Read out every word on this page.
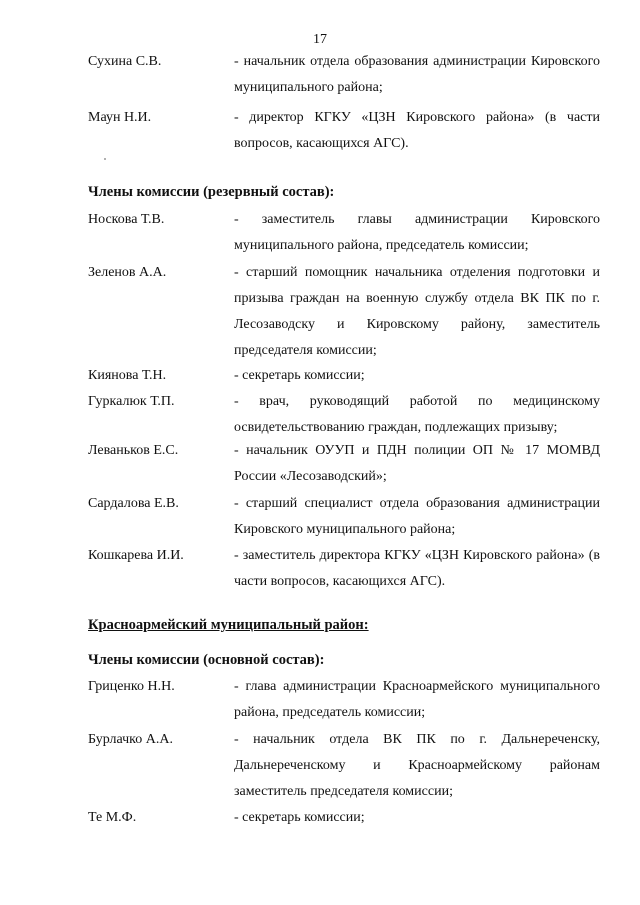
17
Сухина С.В.	- начальник отдела образования администрации Кировского муниципального района;
Маун Н.И.	- директор КГКУ «ЦЗН Кировского района» (в части вопросов, касающихся АГС).
Члены комиссии (резервный состав):
Носкова Т.В.	- заместитель главы администрации Кировского муниципального района, председатель комиссии;
Зеленов А.А.	- старший помощник начальника отделения подготовки и призыва граждан на военную службу отдела ВК ПК по г. Лесозаводску и Кировскому району, заместитель председателя комиссии;
Киянова Т.Н.	- секретарь комиссии;
Гуркалюк Т.П.	- врач, руководящий работой по медицинскому освидетельствованию граждан, подлежащих призыву;
Леваньков Е.С.	- начальник ОУУП и ПДН полиции ОП № 17 МОМВД России «Лесозаводский»;
Сардалова Е.В.	- старший специалист отдела образования администрации Кировского муниципального района;
Кошкарева И.И.	- заместитель директора КГКУ «ЦЗН Кировского района» (в части вопросов, касающихся АГС).
Красноармейский муниципальный район:
Члены комиссии (основной состав):
Гриценко Н.Н.	- глава администрации Красноармейского муниципального района, председатель комиссии;
Бурлачко А.А.	- начальник отдела ВК ПК по г. Дальнереченску, Дальнереченскому и Красноармейскому районам заместитель председателя комиссии;
Те М.Ф.	- секретарь комиссии;
